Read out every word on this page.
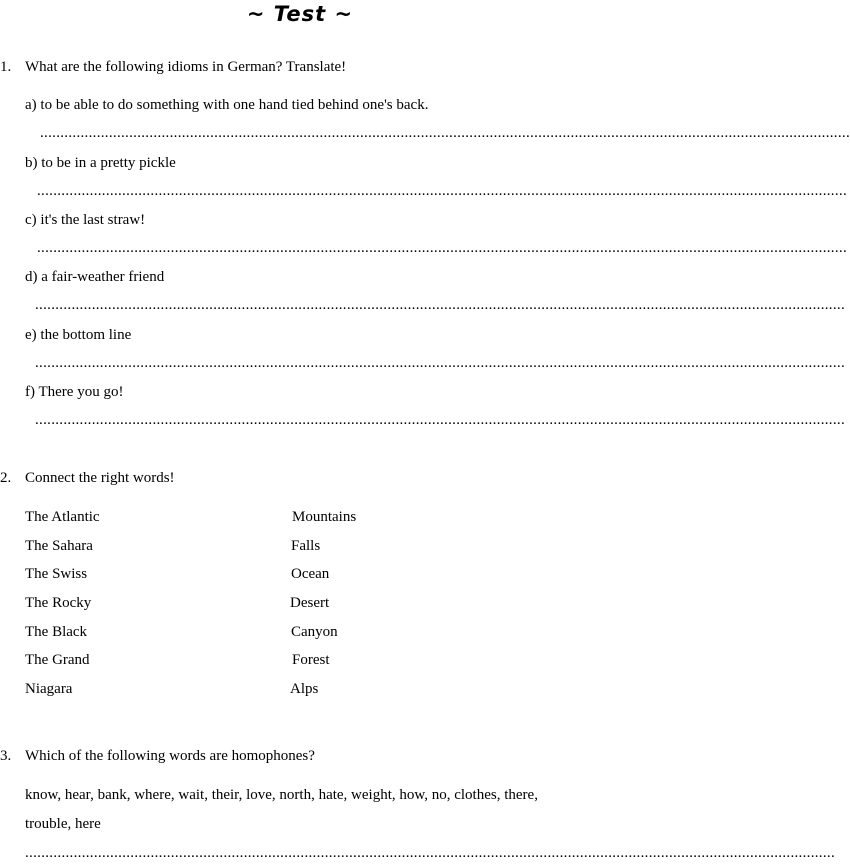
~ Test ~
1. What are the following idioms in German? Translate!
a) to be able to do something with one hand tied behind one's back.
........................................................................................................................................................................................................
b) to be in a pretty pickle
........................................................................................................................................................................................................
c) it's the last straw!
........................................................................................................................................................................................................
d) a fair-weather friend
........................................................................................................................................................................................................
e) the bottom line
........................................................................................................................................................................................................
f) There you go!
........................................................................................................................................................................................................
2. Connect the right words!
The Atlantic
The Sahara
The Swiss
The Rocky
The Black
The Grand
Niagara
Mountains
Falls
Ocean
Desert
Canyon
Forest
Alps
3. Which of the following words are homophones?
know, hear, bank, where, wait, their, love, north, hate, weight, how, no, clothes, there,
trouble, here
........................................................................................................................................................................................................
